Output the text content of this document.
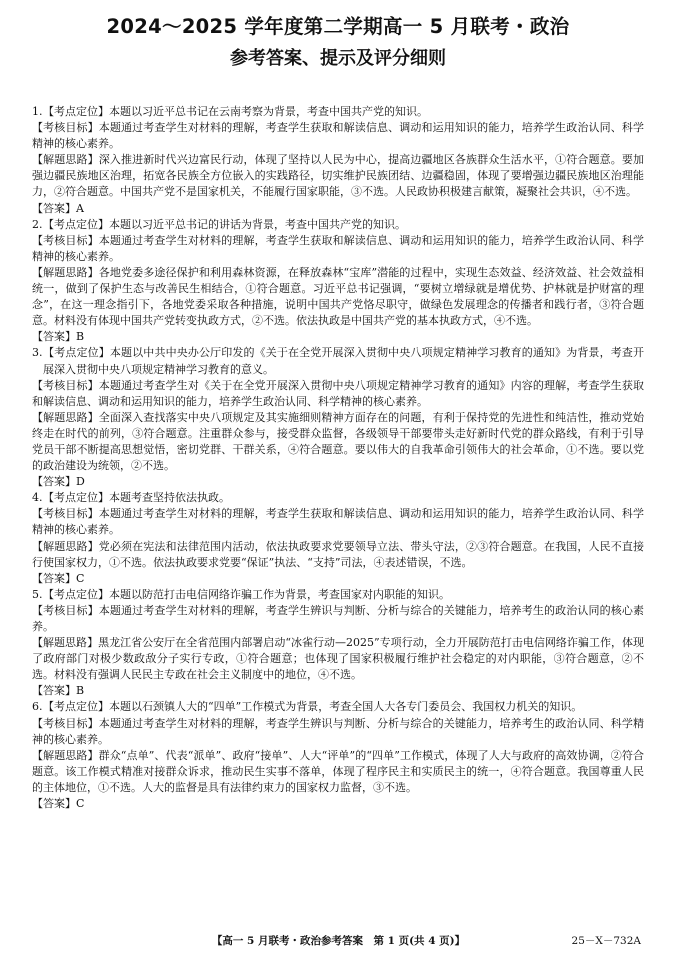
2024～2025 学年度第二学期高一 5 月联考・政治
参考答案、提示及评分细则
1.【考点定位】本题以习近平总书记在云南考察为背景，考查中国共产党的知识。
【考核目标】本题通过考查学生对材料的理解，考查学生获取和解读信息、调动和运用知识的能力，培养学生政治认同、科学精神的核心素养。
【解题思路】深入推进新时代兴边富民行动，体现了坚持以人民为中心，提高边疆地区各族群众生活水平，①符合题意。要加强边疆民族地区治理，拓宽各民族全方位嵌入的实践路径，切实维护民族团结、边疆稳固，体现了要增强边疆民族地区治理能力，②符合题意。中国共产党不是国家机关，不能履行国家职能，③不选。人民政协积极建言献策，凝聚社会共识，④不选。
【答案】A
2.【考点定位】本题以习近平总书记的讲话为背景，考查中国共产党的知识。
【考核目标】本题通过考查学生对材料的理解，考查学生获取和解读信息、调动和运用知识的能力，培养学生政治认同、科学精神的核心素养。
【解题思路】各地党委多途径保护和利用森林资源，在释放森林“宝库”潜能的过程中，实现生态效益、经济效益、社会效益相统一，做到了保护生态与改善民生相结合，①符合题意。习近平总书记强调，“要树立增绿就是增优势、护林就是护财富的理念”，在这一理念指引下，各地党委采取各种措施，说明中国共产党恪尽职守，做绿色发展理念的传播者和践行者，③符合题意。材料没有体现中国共产党转变执政方式，②不选。依法执政是中国共产党的基本执政方式，④不选。
【答案】B
3.【考点定位】本题以中共中央办公厅印发的《关于在全党开展深入贯彻中央八项规定精神学习教育的通知》为背景，考查开展深入贯彻中央八项规定精神学习教育的意义。
【考核目标】本题通过考查学生对《关于在全党开展深入贯彻中央八项规定精神学习教育的通知》内容的理解，考查学生获取和解读信息、调动和运用知识的能力，培养学生政治认同、科学精神的核心素养。
【解题思路】全面深入查找落实中央八项规定及其实施细则精神方面存在的问题，有利于保持党的先进性和纯洁性，推动党始终走在时代的前列，③符合题意。注重群众参与，接受群众监督，各级领导干部要带头走好新时代党的群众路线，有利于引导党员干部不断提高思想觉悟，密切党群、干群关系，④符合题意。要以伟大的自我革命引领伟大的社会革命，①不选。要以党的政治建设为统领，②不选。
【答案】D
4.【考点定位】本题考查坚持依法执政。
【考核目标】本题通过考查学生对材料的理解，考查学生获取和解读信息、调动和运用知识的能力，培养学生政治认同、科学精神的核心素养。
【解题思路】党必须在宪法和法律范围内活动，依法执政要求党要领导立法、带头守法，②③符合题意。在我国，人民不直接行使国家权力，①不选。依法执政要求党要“保证”执法、“支持”司法，④表述错误，不选。
【答案】C
5.【考点定位】本题以防范打击电信网络诈骗工作为背景，考查国家对内职能的知识。
【考核目标】本题通过考查学生对材料的理解，考查学生辨识与判断、分析与综合的关键能力，培养考生的政治认同的核心素养。
【解题思路】黑龙江省公安厅在全省范围内部署启动“冰雀行动—2025”专项行动，全力开展防范打击电信网络诈骗工作，体现了政府部门对极少数政敌分子实行专政，①符合题意；也体现了国家积极履行维护社会稳定的对内职能，③符合题意，②不选。材料没有强调人民民主专政在社会主义制度中的地位，④不选。
【答案】B
6.【考点定位】本题以石颈镇人大的“四单”工作模式为背景，考查全国人大各专门委员会、我国权力机关的知识。
【考核目标】本题通过考查学生对材料的理解，考查学生辨识与判断、分析与综合的关键能力，培养考生的政治认同、科学精神的核心素养。
【解题思路】群众“点单”、代表“派单”、政府“接单”、人大“评单”的“四单”工作模式，体现了人大与政府的高效协调，②符合题意。该工作模式精准对接群众诉求，推动民生实事不落单，体现了程序民主和实质民主的统一，④符合题意。我国尊重人民的主体地位，①不选。人大的监督是具有法律约束力的国家权力监督，③不选。
【答案】C
【高一 5 月联考・政治参考答案　第 1 页(共 4 页)】	25－X－732A
